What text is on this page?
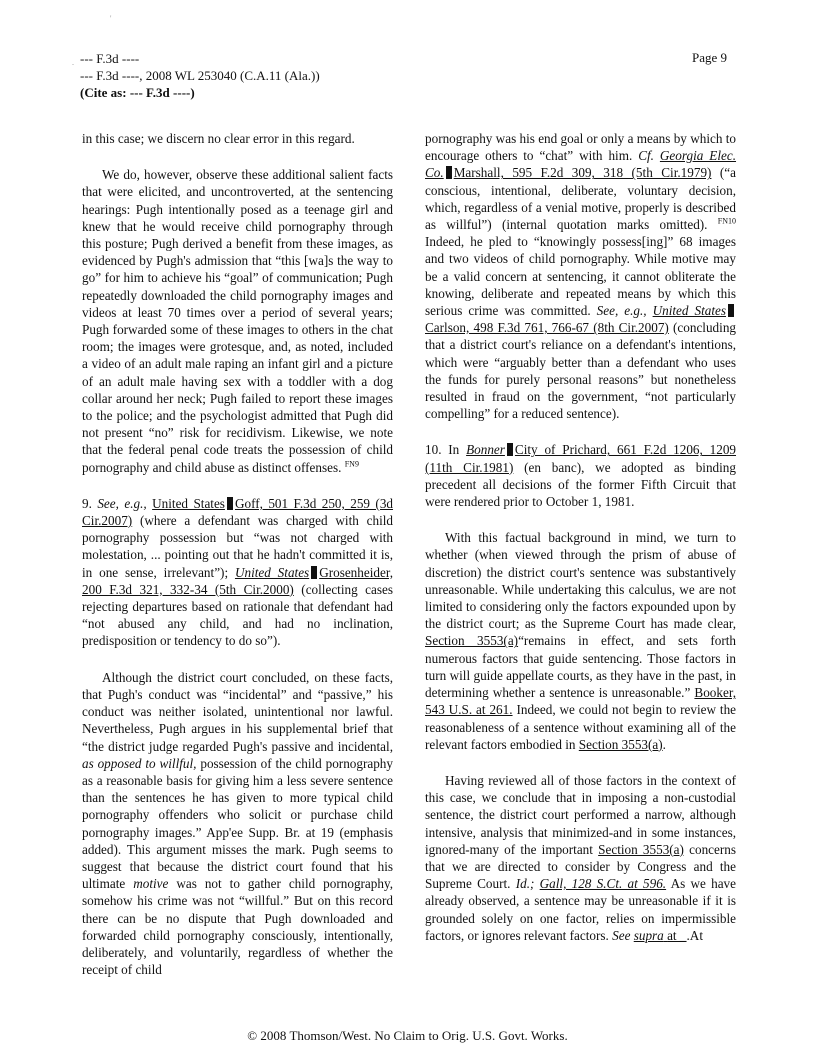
'
. --- F.3d ----
--- F.3d ----, 2008 WL 253040 (C.A.11 (Ala.))
(Cite as: --- F.3d ----)
Page 9

in this case; we discern no clear error in this regard.

We do, however, observe these additional salient facts that were elicited, and uncontroverted, at the sentencing hearings: Pugh intentionally posed as a teenage girl and knew that he would receive child pornography through this posture; Pugh derived a benefit from these images, as evidenced by Pugh's admission that “this [wa]s the way to go” for him to achieve his “goal” of communication; Pugh repeatedly downloaded the child pornography images and videos at least 70 times over a period of several years; Pugh forwarded some of these images to others in the chat room; the images were grotesque, and, as noted, included a video of an adult male raping an infant girl and a picture of an adult male having sex with a toddler with a dog collar around her neck; Pugh failed to report these images to the police; and the psychologist admitted that Pugh did not present “no” risk for recidivism. Likewise, we note that the federal penal code treats the possession of child pornography and child abuse as distinct offenses. $^{FN9}$

9. See, e.g., United States Goff, 501 F.3d 250, 259 (3d Cir.2007) (where a defendant was charged with child pornography possession but “was not charged with molestation, ... pointing out that he hadn't committed it is, in one sense, irrelevant”); United States Grosenheider, 200 F.3d 321, 332-34 (5th Cir.2000) (collecting cases rejecting departures based on rationale that defendant had “not abused any child, and had no inclination, predisposition or tendency to do so”).

Although the district court concluded, on these facts, that Pugh's conduct was “incidental” and “passive,” his conduct was neither isolated, unintentional nor lawful. Nevertheless, Pugh argues in his supplemental brief that “the district judge regarded Pugh's passive and incidental, as opposed to willful, possession of the child pornography as a reasonable basis for giving him a less severe sentence than the sentences he has given to more typical child pornography offenders who solicit or purchase child pornography images.” App'ee Supp. Br. at 19 (emphasis added). This argument misses the mark. Pugh seems to suggest that because the district court found that his ultimate motive was not to gather child pornography, somehow his crime was not “willful.” But on this record there can be no dispute that Pugh downloaded and forwarded child pornography consciously, intentionally, deliberately, and voluntarily, regardless of whether the receipt of child

pornography was his end goal or only a means by which to encourage others to “chat” with him. Cf. Georgia Elec. Co. Marshall, 595 F.2d 309, 318 (5th Cir.1979) (“a conscious, intentional, deliberate, voluntary decision, which, regardless of a venial motive, properly is described as willful”) (internal quotation marks omitted). $^{FN10}$ Indeed, he pled to “knowingly possess[ing]” 68 images and two videos of child pornography. While motive may be a valid concern at sentencing, it cannot obliterate the knowing, deliberate and repeated means by which this serious crime was committed. See, e.g., United StatesCarlson, 498 F.3d 761, 766-67 (8th Cir.2007) (concluding that a district court's reliance on a defendant's intentions, which were “arguably better than a defendant who uses the funds for purely personal reasons” but nonetheless resulted in fraud on the government, “not particularly compelling” for a reduced sentence).

10. In Bonner City of Prichard, 661 F.2d 1206, 1209 (11th Cir.1981) (en banc), we adopted as binding precedent all decisions of the former Fifth Circuit that were rendered prior to October 1, 1981.

With this factual background in mind, we turn to whether (when viewed through the prism of abuse of discretion) the district court's sentence was substantively unreasonable. While undertaking this calculus, we are not limited to considering only the factors expounded upon by the district court; as the Supreme Court has made clear, Section 3553(a)“remains in effect, and sets forth numerous factors that guide sentencing. Those factors in turn will guide appellate courts, as they have in the past, in determining whether a sentence is unreasonable.” Booker, 543 U.S. at 261. Indeed, we could not begin to review the reasonableness of a sentence without examining all of the relevant factors embodied in Section 3553(a).

Having reviewed all of those factors in the context of this case, we conclude that in imposing a non-custodial sentence, the district court performed a narrow, although intensive, analysis that minimized-and in some instances, ignored-many of the important Section 3553(a) concerns that we are directed to consider by Congress and the Supreme Court. Id.; Gall, 128 S.Ct. at 596. As we have already observed, a sentence may be unreasonable if it is grounded solely on one factor, relies on impermissible factors, or ignores relevant factors. See supra at _.At

© 2008 Thomson/West. No Claim to Orig. U.S. Govt. Works.
